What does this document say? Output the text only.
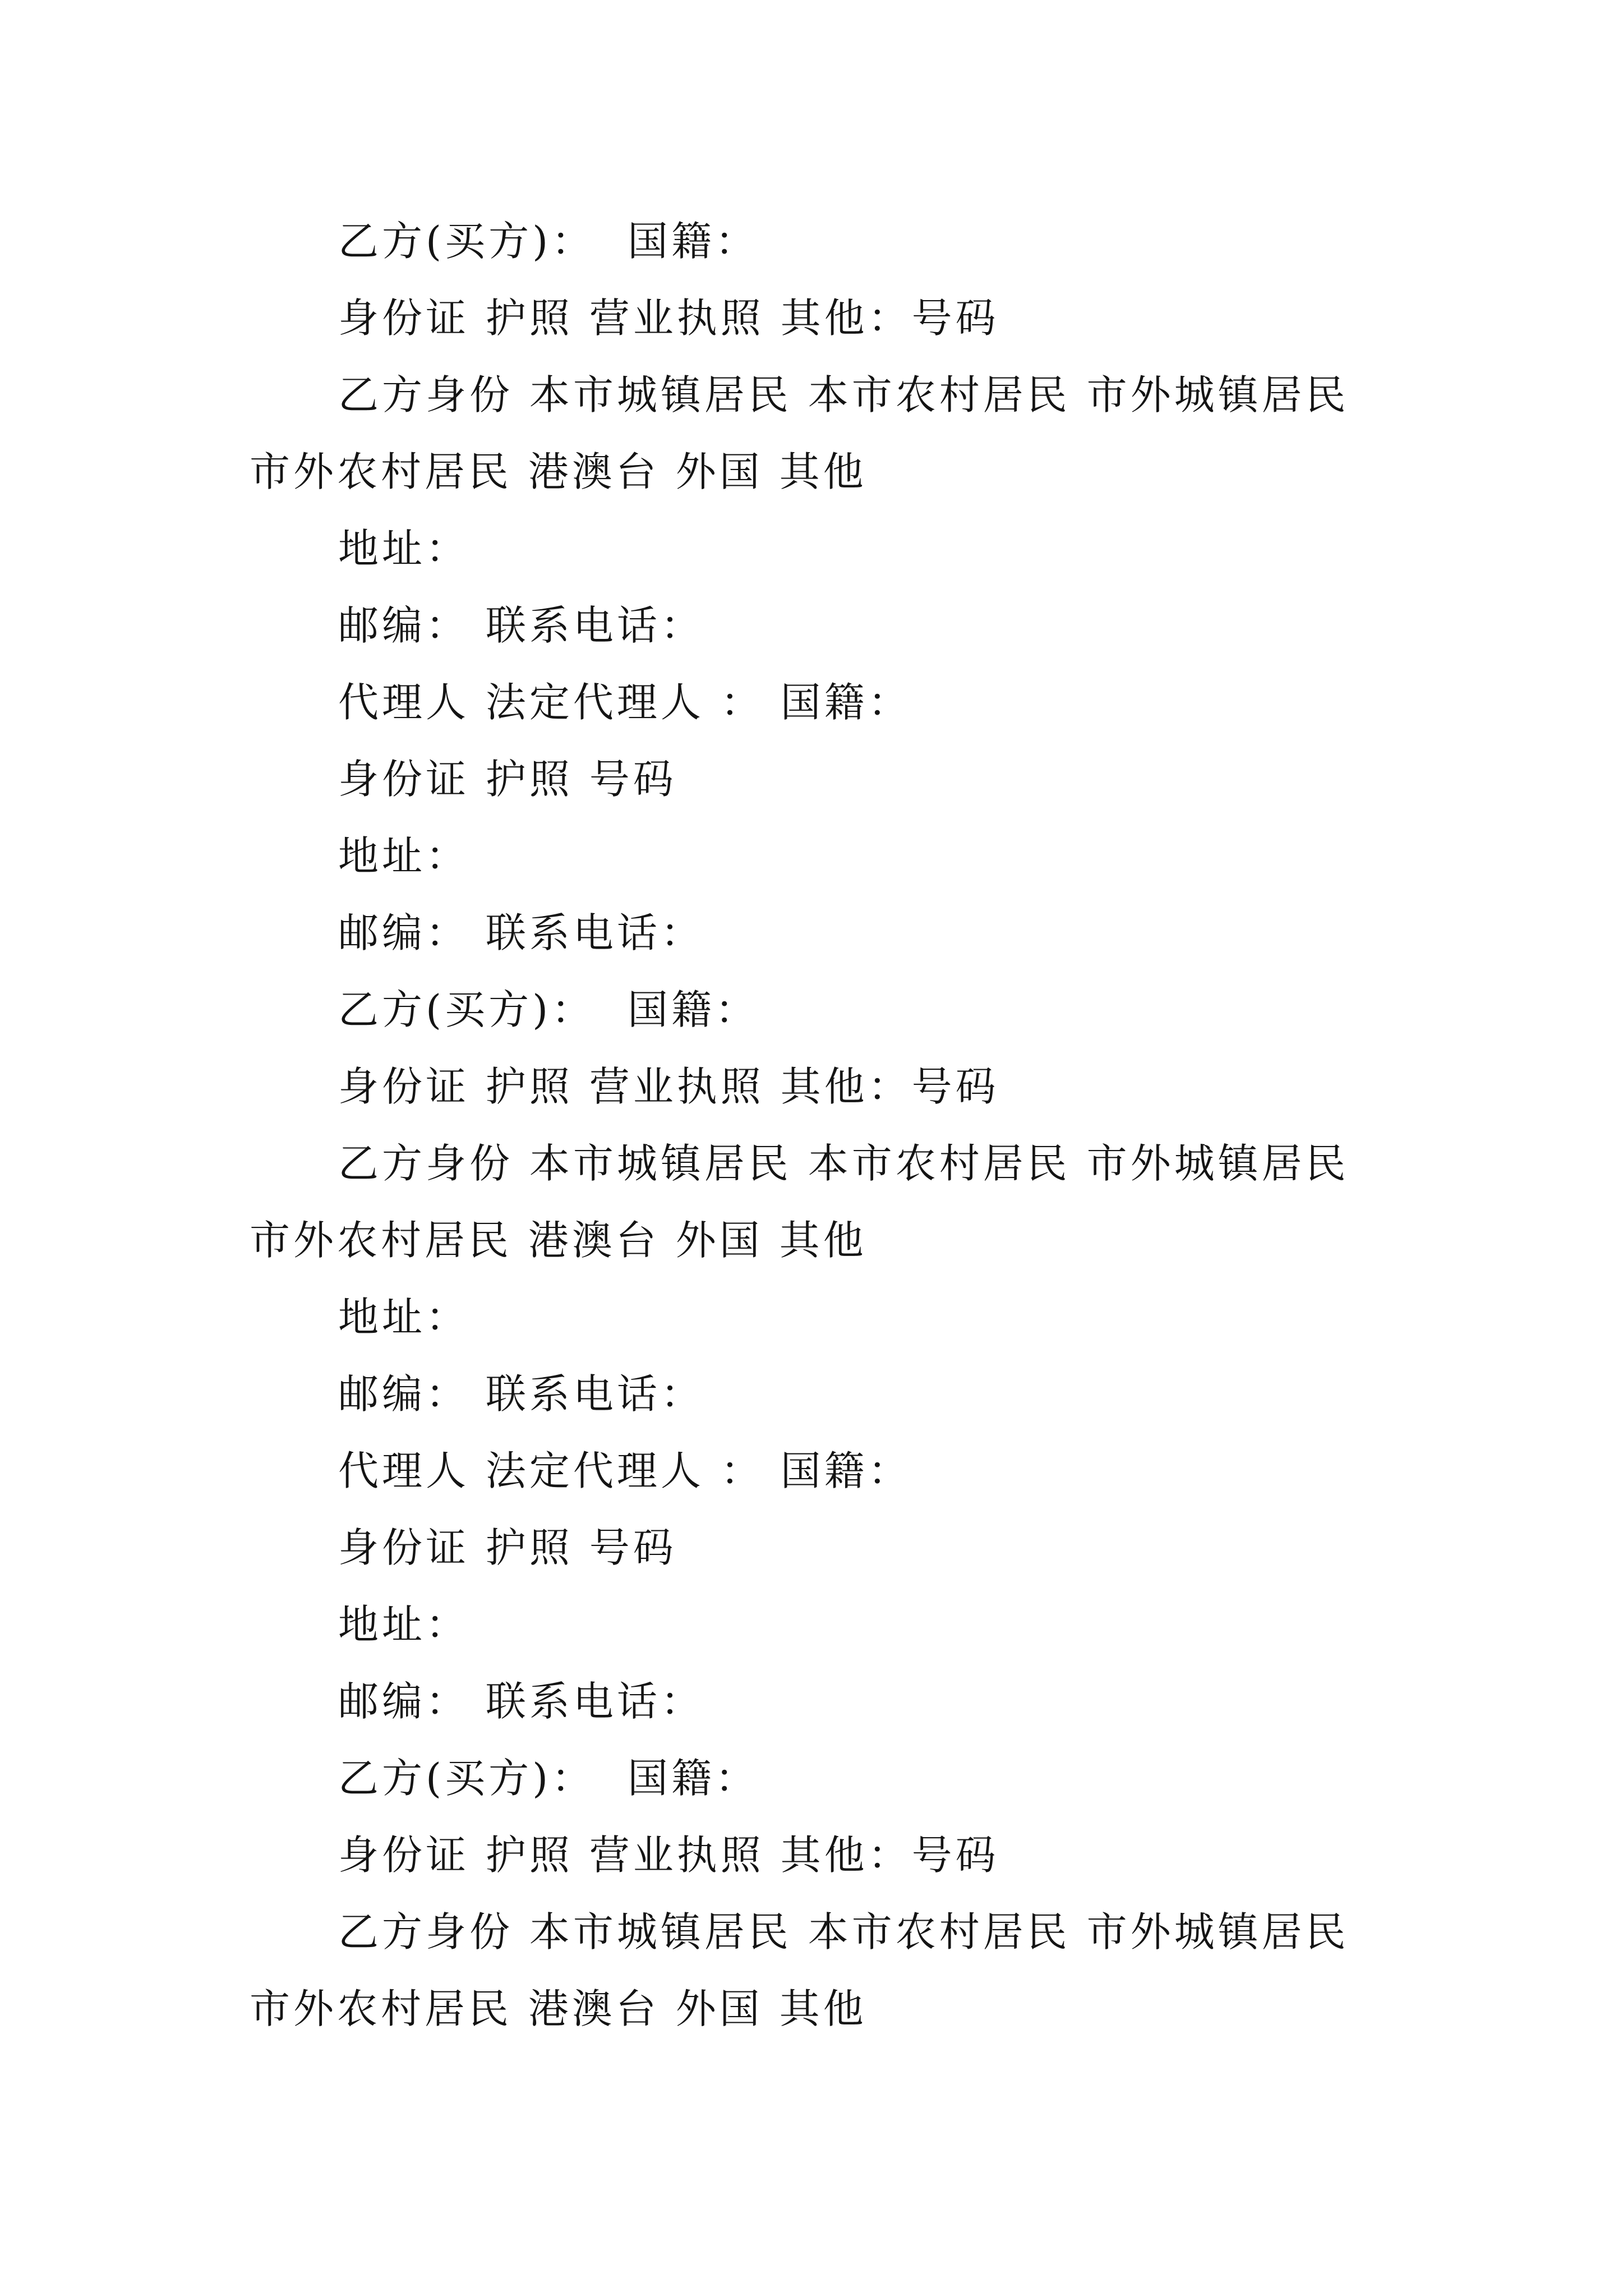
乙方(买方)：  国籍：
身份证 护照 营业执照 其他：号码
乙方身份 本市城镇居民 本市农村居民 市外城镇居民
市外农村居民 港澳台 外国 其他
地址：
邮编： 联系电话：
代理人 法定代理人 ： 国籍：
身份证 护照 号码
地址：
邮编： 联系电话：
乙方(买方)：  国籍：
身份证 护照 营业执照 其他：号码
乙方身份 本市城镇居民 本市农村居民 市外城镇居民
市外农村居民 港澳台 外国 其他
地址：
邮编： 联系电话：
代理人 法定代理人 ： 国籍：
身份证 护照 号码
地址：
邮编： 联系电话：
乙方(买方)：  国籍：
身份证 护照 营业执照 其他：号码
乙方身份 本市城镇居民 本市农村居民 市外城镇居民
市外农村居民 港澳台 外国 其他
